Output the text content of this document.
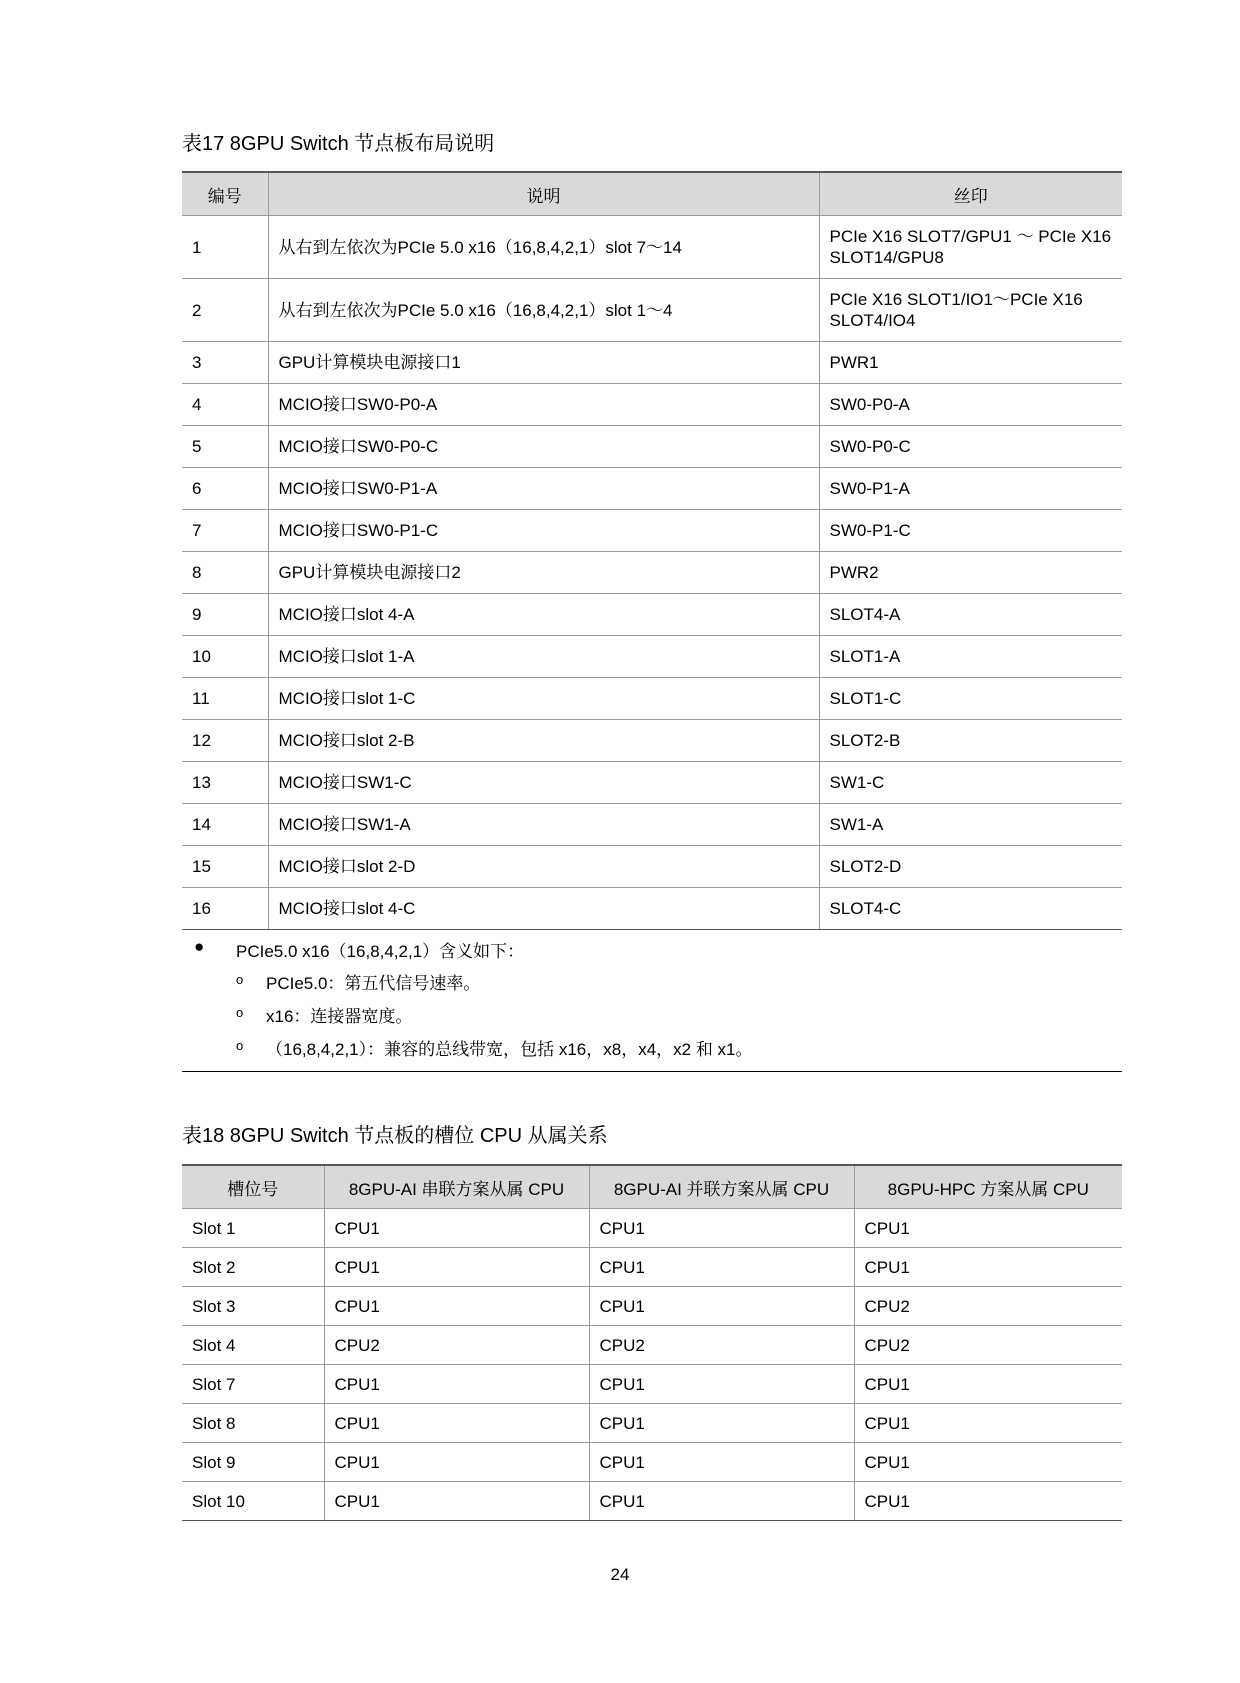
表17 8GPU Switch 节点板布局说明
编号	说明	丝印
1	从右到左依次为PCIe 5.0 x16（16,8,4,2,1）slot 7～14	PCIe X16 SLOT7/GPU1 ～ PCIe X16 SLOT14/GPU8
2	从右到左依次为PCIe 5.0 x16（16,8,4,2,1）slot 1～4	PCIe X16 SLOT1/IO1～PCIe X16 SLOT4/IO4
3	GPU计算模块电源接口1	PWR1
4	MCIO接口SW0-P0-A	SW0-P0-A
5	MCIO接口SW0-P0-C	SW0-P0-C
6	MCIO接口SW0-P1-A	SW0-P1-A
7	MCIO接口SW0-P1-C	SW0-P1-C
8	GPU计算模块电源接口2	PWR2
9	MCIO接口slot 4-A	SLOT4-A
10	MCIO接口slot 1-A	SLOT1-A
11	MCIO接口slot 1-C	SLOT1-C
12	MCIO接口slot 2-B	SLOT2-B
13	MCIO接口SW1-C	SW1-C
14	MCIO接口SW1-A	SW1-A
15	MCIO接口slot 2-D	SLOT2-D
16	MCIO接口slot 4-C	SLOT4-C
● PCIe5.0 x16（16,8,4,2,1）含义如下：
o PCIe5.0：第五代信号速率。
o x16：连接器宽度。
o （16,8,4,2,1）：兼容的总线带宽，包括 x16，x8，x4，x2 和 x1。
表18 8GPU Switch 节点板的槽位 CPU 从属关系
槽位号	8GPU-AI 串联方案从属 CPU	8GPU-AI 并联方案从属 CPU	8GPU-HPC 方案从属 CPU
Slot 1	CPU1	CPU1	CPU1
Slot 2	CPU1	CPU1	CPU1
Slot 3	CPU1	CPU1	CPU2
Slot 4	CPU2	CPU2	CPU2
Slot 7	CPU1	CPU1	CPU1
Slot 8	CPU1	CPU1	CPU1
Slot 9	CPU1	CPU1	CPU1
Slot 10	CPU1	CPU1	CPU1
24
